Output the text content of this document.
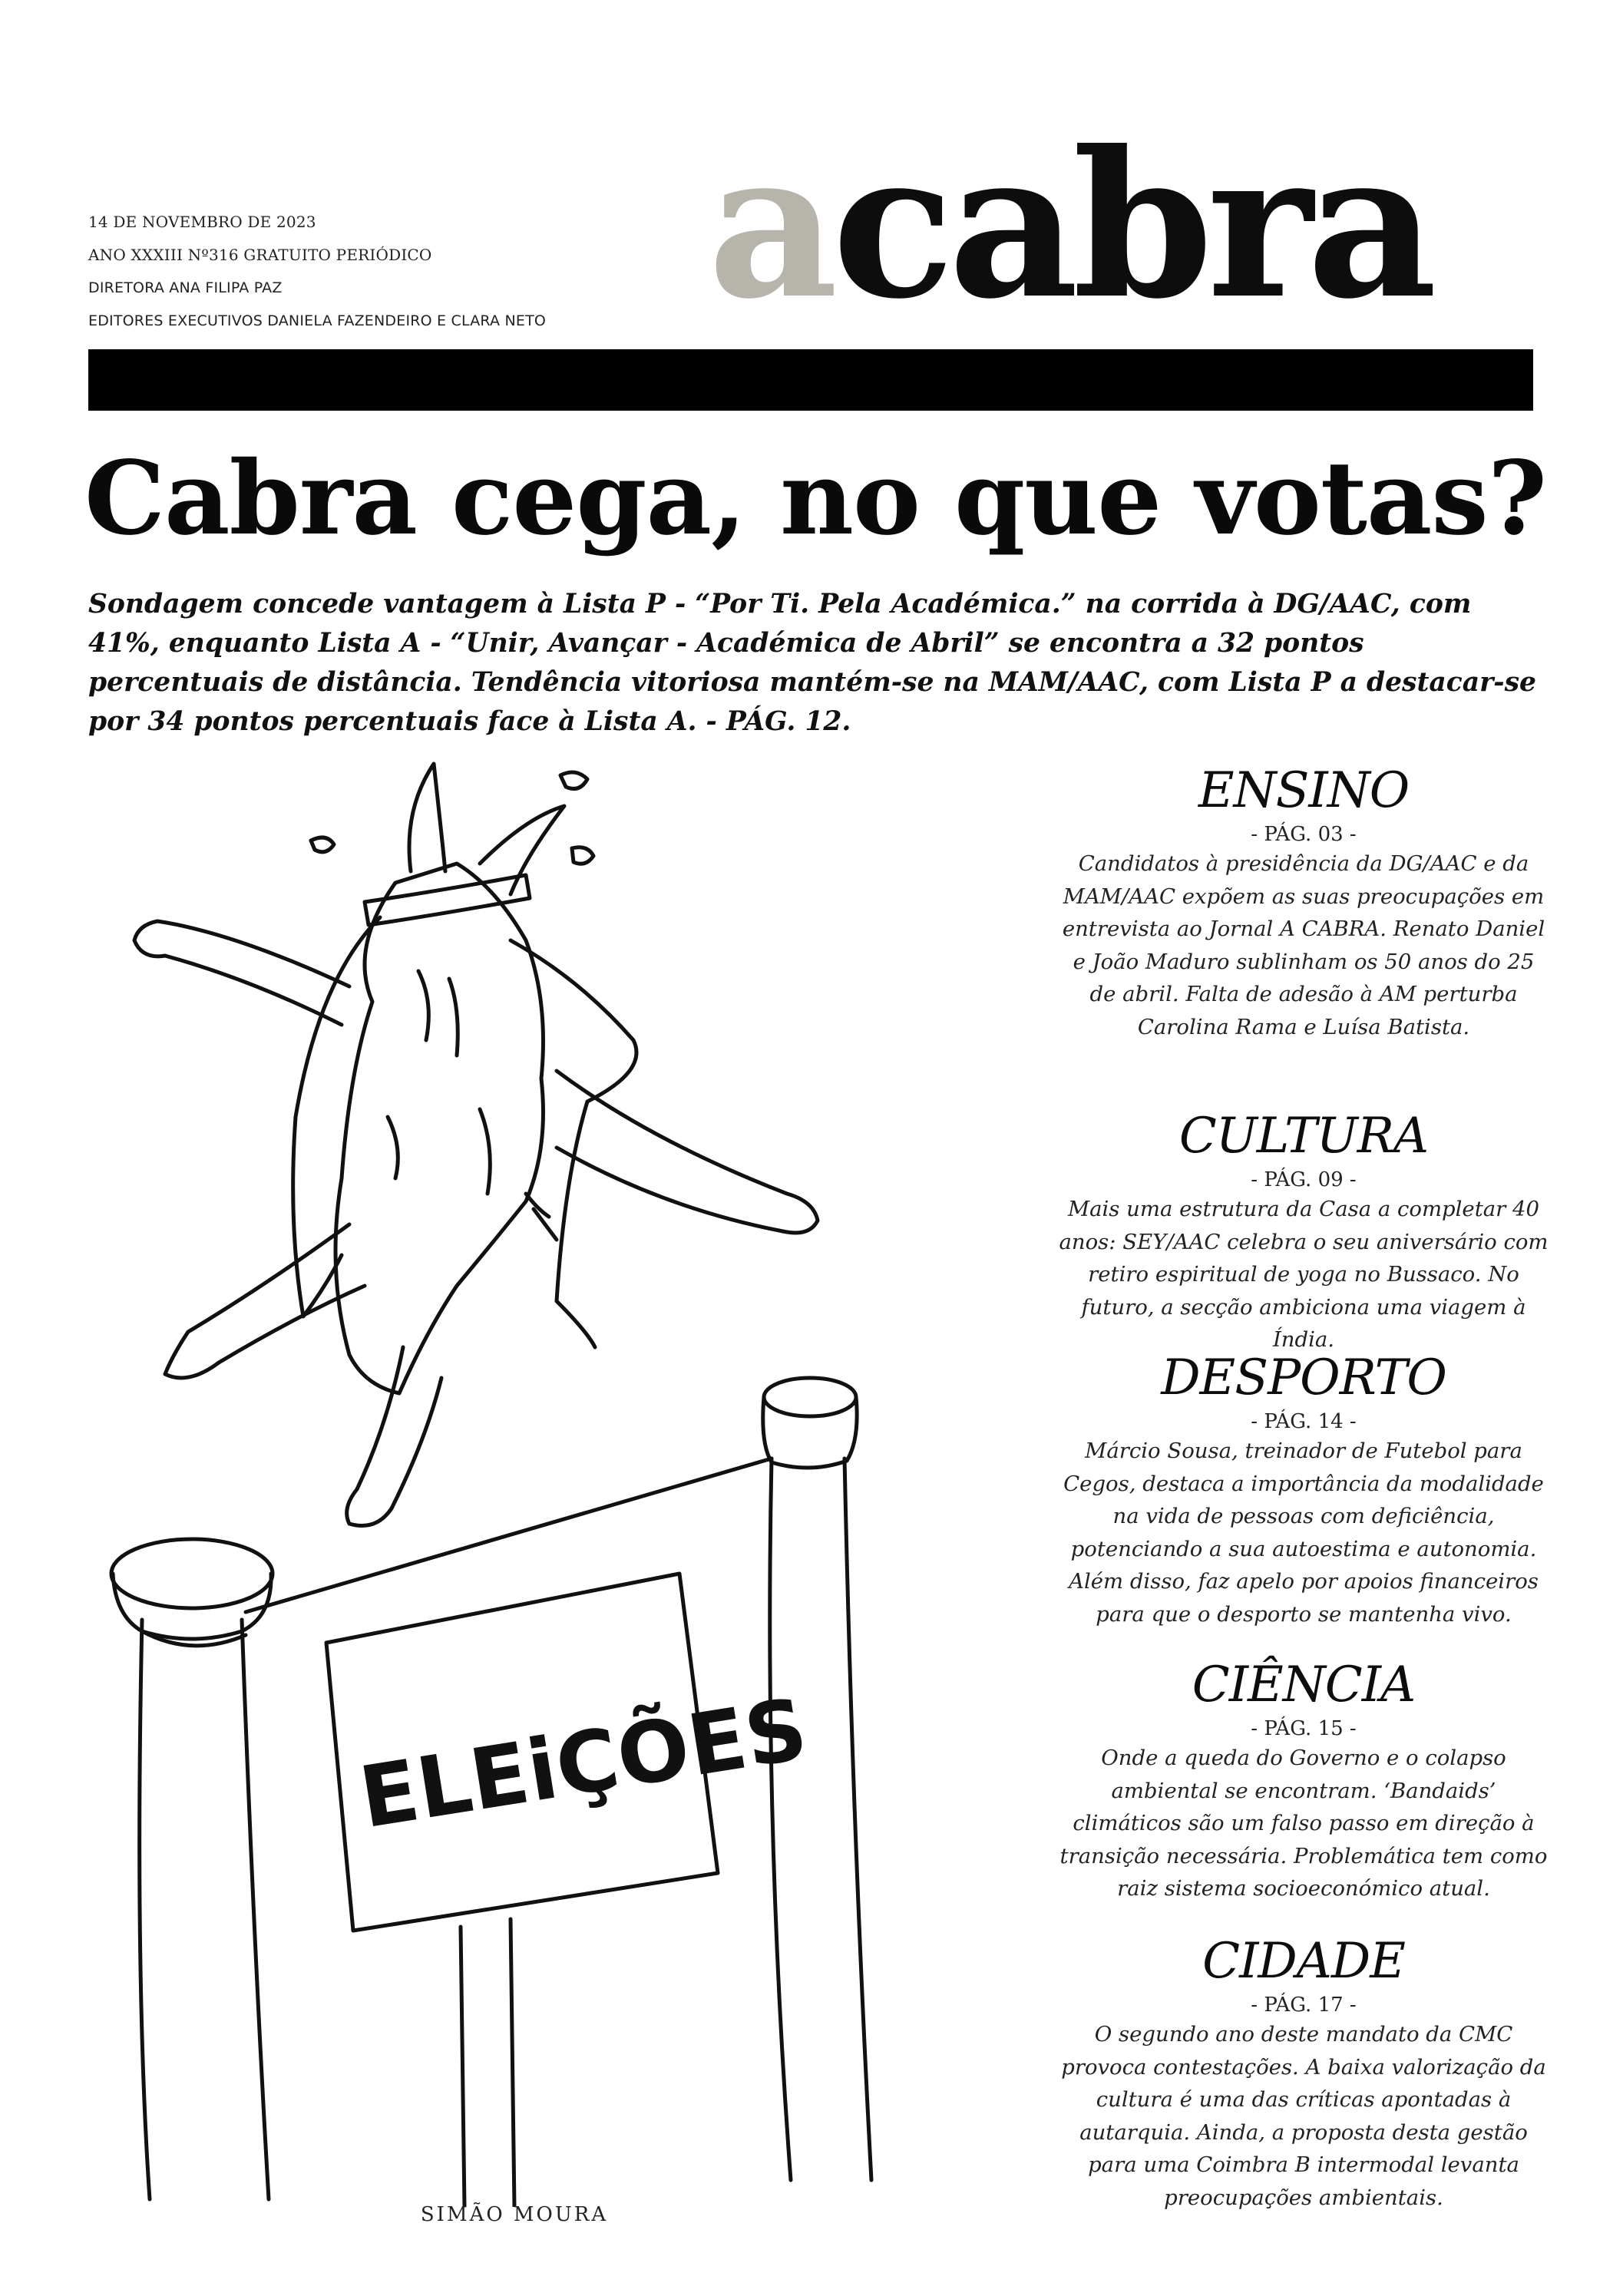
14 DE NOVEMBRO DE 2023
ANO XXXIII Nº316 GRATUITO PERIÓDICO
DIRETORA ANA FILIPA PAZ
EDITORES EXECUTIVOS DANIELA FAZENDEIRO E CLARA NETO acabra
Cabra cega, no que votas?
Sondagem concede vantagem à Lista P - “Por Ti. Pela Académica.” na corrida à DG/AAC, com 41%, enquanto Lista A - “Unir, Avançar - Académica de Abril” se encontra a 32 pontos percentuais de distância. Tendência vitoriosa mantém-se na MAM/AAC, com Lista P a destacar-se por 34 pontos percentuais face à Lista A. - PÁG. 12.
ELEiÇÕES
SIMÃO MOURA
ENSINO
- PÁG. 03 -

Candidatos à presidência da DG/AAC e da MAM/AAC expõem as suas preocupações em entrevista ao Jornal A CABRA. Renato Daniel e João Maduro sublinham os 50 anos do 25 de abril. Falta de adesão à AM perturba Carolina Rama e Luísa Batista.

CULTURA
- PÁG. 09 -

Mais uma estrutura da Casa a completar 40 anos: SEY/AAC celebra o seu aniversário com retiro espiritual de yoga no Bussaco. No futuro, a secção ambiciona uma viagem à Índia.

DESPORTO
- PÁG. 14 -

Márcio Sousa, treinador de Futebol para Cegos, destaca a importância da modalidade na vida de pessoas com deficiência, potenciando a sua autoestima e autonomia. Além disso, faz apelo por apoios financeiros para que o desporto se mantenha vivo.

CIÊNCIA
- PÁG. 15 -

Onde a queda do Governo e o colapso ambiental se encontram. ‘Bandaids’ climáticos são um falso passo em direção à transição necessária. Problemática tem como raiz sistema socioeconómico atual.

CIDADE
- PÁG. 17 -

O segundo ano deste mandato da CMC provoca contestações. A baixa valorização da cultura é uma das críticas apontadas à autarquia. Ainda, a proposta desta gestão para uma Coimbra B intermodal levanta preocupações ambientais.
